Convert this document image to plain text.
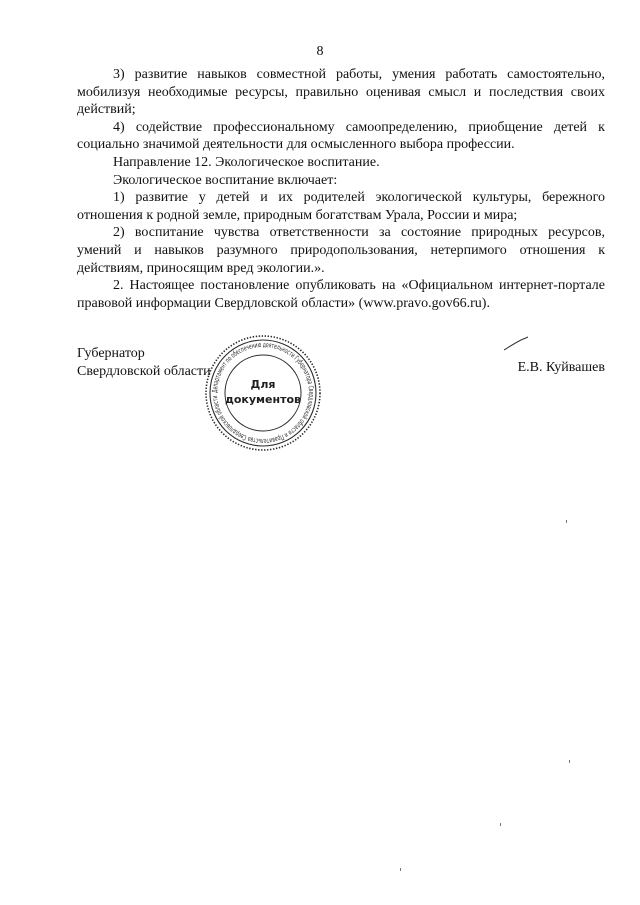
8

3) развитие навыков совместной работы, умения работать самостоятельно, мобилизуя необходимые ресурсы, правильно оценивая смысл и последствия своих действий;

4) содействие профессиональному самоопределению, приобщение детей к социально значимой деятельности для осмысленного выбора профессии.

Направление 12. Экологическое воспитание.

Экологическое воспитание включает:

1) развитие у детей и их родителей экологической культуры, бережного отношения к родной земле, природным богатствам Урала, России и мира;

2) воспитание чувства ответственности за состояние природных ресурсов, умений и навыков разумного природопользования, нетерпимого отношения к действиям, приносящим вред экологии.».

2. Настоящее постановление опубликовать на «Официальном интернет-портале правовой информации Свердловской области» (www.pravo.gov66.ru).

Губернатор
Свердловской области
Департамент по обеспечению деятельности Губернатора Свердловской области и Правительства Свердловской области
Для
документов
Е.В. Куйвашев
